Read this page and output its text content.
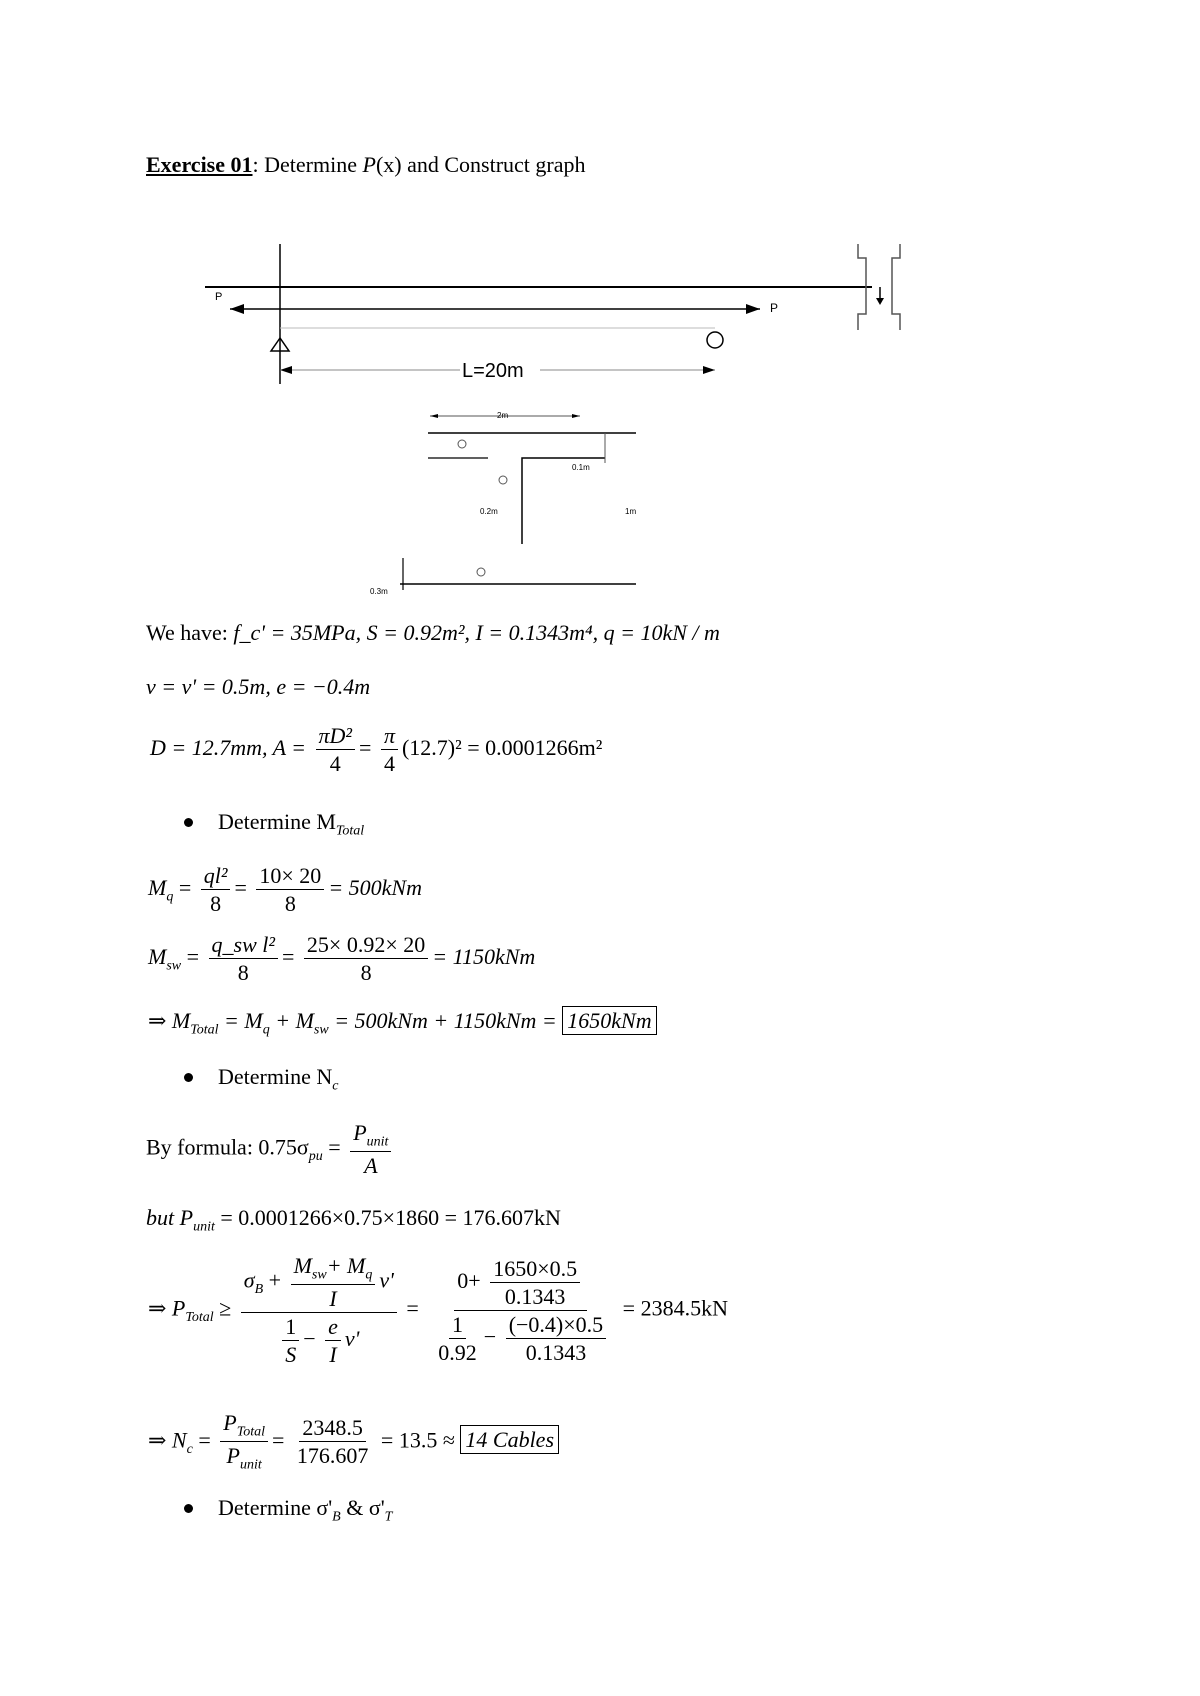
Exercise 01: Determine P(x) and Construct graph
P
P
L=20m
2m
0.1m
0.2m	1m
0.3m
We have: f_c' = 35MPa, S = 0.92m², I = 0.1343m⁴, q = 10kN / m
v = v' = 0.5m, e = −0.4m
D = 12.7mm, $A = \frac{\text{πD²}}{4} = \frac{\pi}{4} (12.7)^2 = 0.0001266m^2$
Determine $M_{Total}$
$M_q = \frac{\text{ql²}}{8} = \frac{10\times 20}{8} = 500kNm$
$M_{sw} = \frac{\text{q\_sw l²}}{8} = \frac{25\times 0.92\times 20}{8} = 1150kNm$
⇒ $M_{Total} = M_q + M_{sw} = 500kNm + 1150kNm = 1650kNm$
Determine $N_c$
By formula: $0.75\sigma_{pu} = \frac{P_{unit}}{A}$
but $P_{unit} = 0.0001266\times 0.75\times 1860 = 176.607kN$
⇒ $P_{Total} \ge \frac{\sigma_B + \frac{M_{sw}+ M_q}{I} v'}{\frac{1}{S} - \frac{e}{I} v'} = \frac{0+ \frac{1650\times 0.5}{0.1343}}{\frac{1}{0.92} - \frac{(-0.4)\times 0.5}{0.1343}} = 2384.5kN$
⇒ $N_c = \frac{P_{Total}}{P_{unit}} = \frac{2348.5}{176.607} = 13.5 \approx 14$ Cables
Determine $\sigma'_B$ & $\sigma'_T$
